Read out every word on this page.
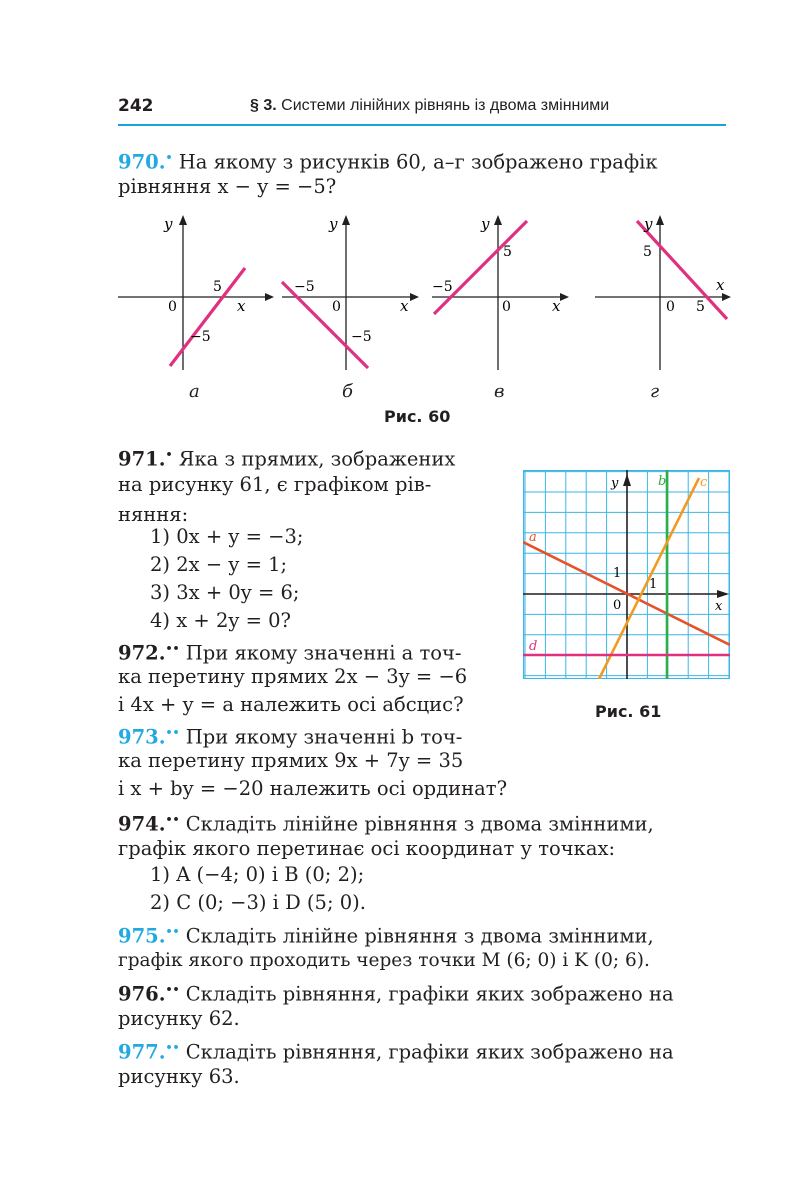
242	§ 3. Системи лінійних рівнянь із двома змінними
970.• На якому з рисунків 60, а–г зображено графік
рівняння x − y = −5?
y
x
0
5
−5
y
x
0
−5
−5
y
x
0
5
−5
y
x
0
5
5
а	б	в	г
Рис. 60
971.• Яка з прямих, зображених
на рисунку 61, є графіком рів-
няння:
1) 0x + y = −3;
2) 2x − y = 1;
3) 3x + 0y = 6;
4) x + 2y = 0?
y
x
0
1
1
a
b	c
d
Рис. 61
972.•• При якому значенні a точ-
ка перетину прямих 2x − 3y = −6
і 4x + y = a належить осі абсцис?
973.•• При якому значенні b точ-
ка перетину прямих 9x + 7y = 35
і x + by = −20 належить осі ординат?
974.•• Складіть лінійне рівняння з двома змінними,
графік якого перетинає осі координат у точках:
1) A (−4; 0) і B (0; 2);
2) C (0; −3) і D (5; 0).
975.•• Складіть лінійне рівняння з двома змінними,
графік якого проходить через точки M (6; 0) і K (0; 6).
976.•• Складіть рівняння, графіки яких зображено на
рисунку 62.
977.•• Складіть рівняння, графіки яких зображено на
рисунку 63.
